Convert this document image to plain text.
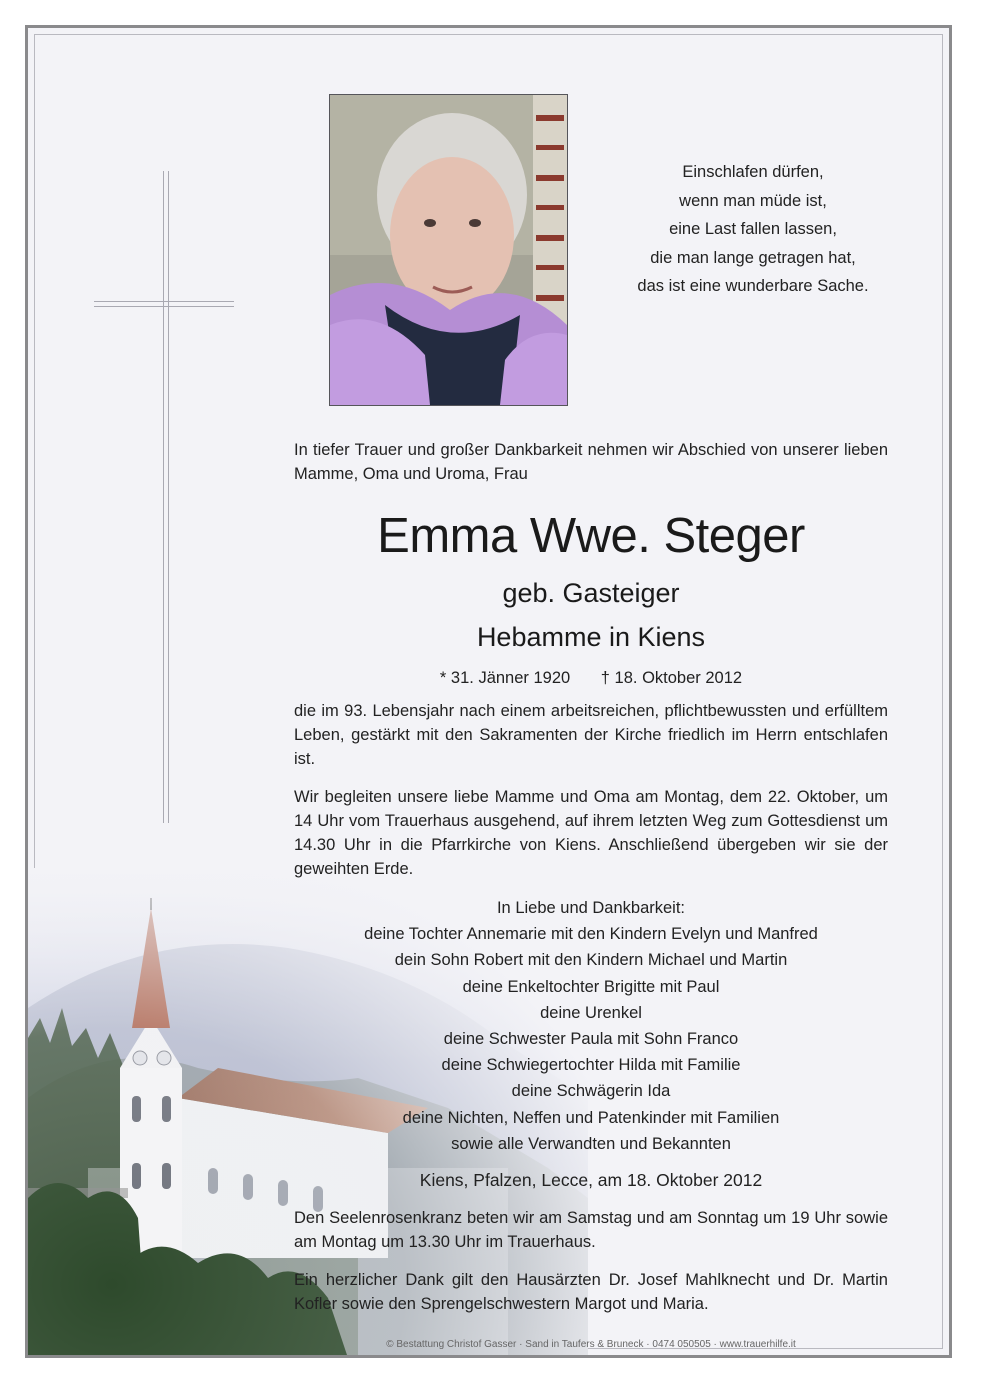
Einschlafen dürfen,
wenn man müde ist,
eine Last fallen lassen,
die man lange getragen hat,
das ist eine wunderbare Sache.
In tiefer Trauer und großer Dankbarkeit nehmen wir Abschied von unserer lieben Mamme, Oma und Uroma, Frau
Emma Wwe. Steger
geb. Gasteiger
Hebamme in Kiens
* 31. Jänner 1920 † 18. Oktober 2012
die im 93. Lebensjahr nach einem arbeitsreichen, pflichtbewussten und erfülltem Leben, gestärkt mit den Sakramenten der Kirche friedlich im Herrn entschlafen ist.
Wir begleiten unsere liebe Mamme und Oma am Montag, dem 22. Oktober, um 14 Uhr vom Trauerhaus ausgehend, auf ihrem letzten Weg zum Gottesdienst um 14.30 Uhr in die Pfarrkirche von Kiens. Anschließend übergeben wir sie der geweihten Erde.
In Liebe und Dankbarkeit:
deine Tochter Annemarie mit den Kindern Evelyn und Manfred
dein Sohn Robert mit den Kindern Michael und Martin
deine Enkeltochter Brigitte mit Paul
deine Urenkel
deine Schwester Paula mit Sohn Franco
deine Schwiegertochter Hilda mit Familie
deine Schwägerin Ida
deine Nichten, Neffen und Patenkinder mit Familien
sowie alle Verwandten und Bekannten
Kiens, Pfalzen, Lecce, am 18. Oktober 2012
Den Seelenrosenkranz beten wir am Samstag und am Sonntag um 19 Uhr sowie am Montag um 13.30 Uhr im Trauerhaus.
Ein herzlicher Dank gilt den Hausärzten Dr. Josef Mahlknecht und Dr. Martin Kofler sowie den Sprengelschwestern Margot und Maria.
© Bestattung Christof Gasser · Sand in Taufers & Bruneck · 0474 050505 · www.trauerhilfe.it
